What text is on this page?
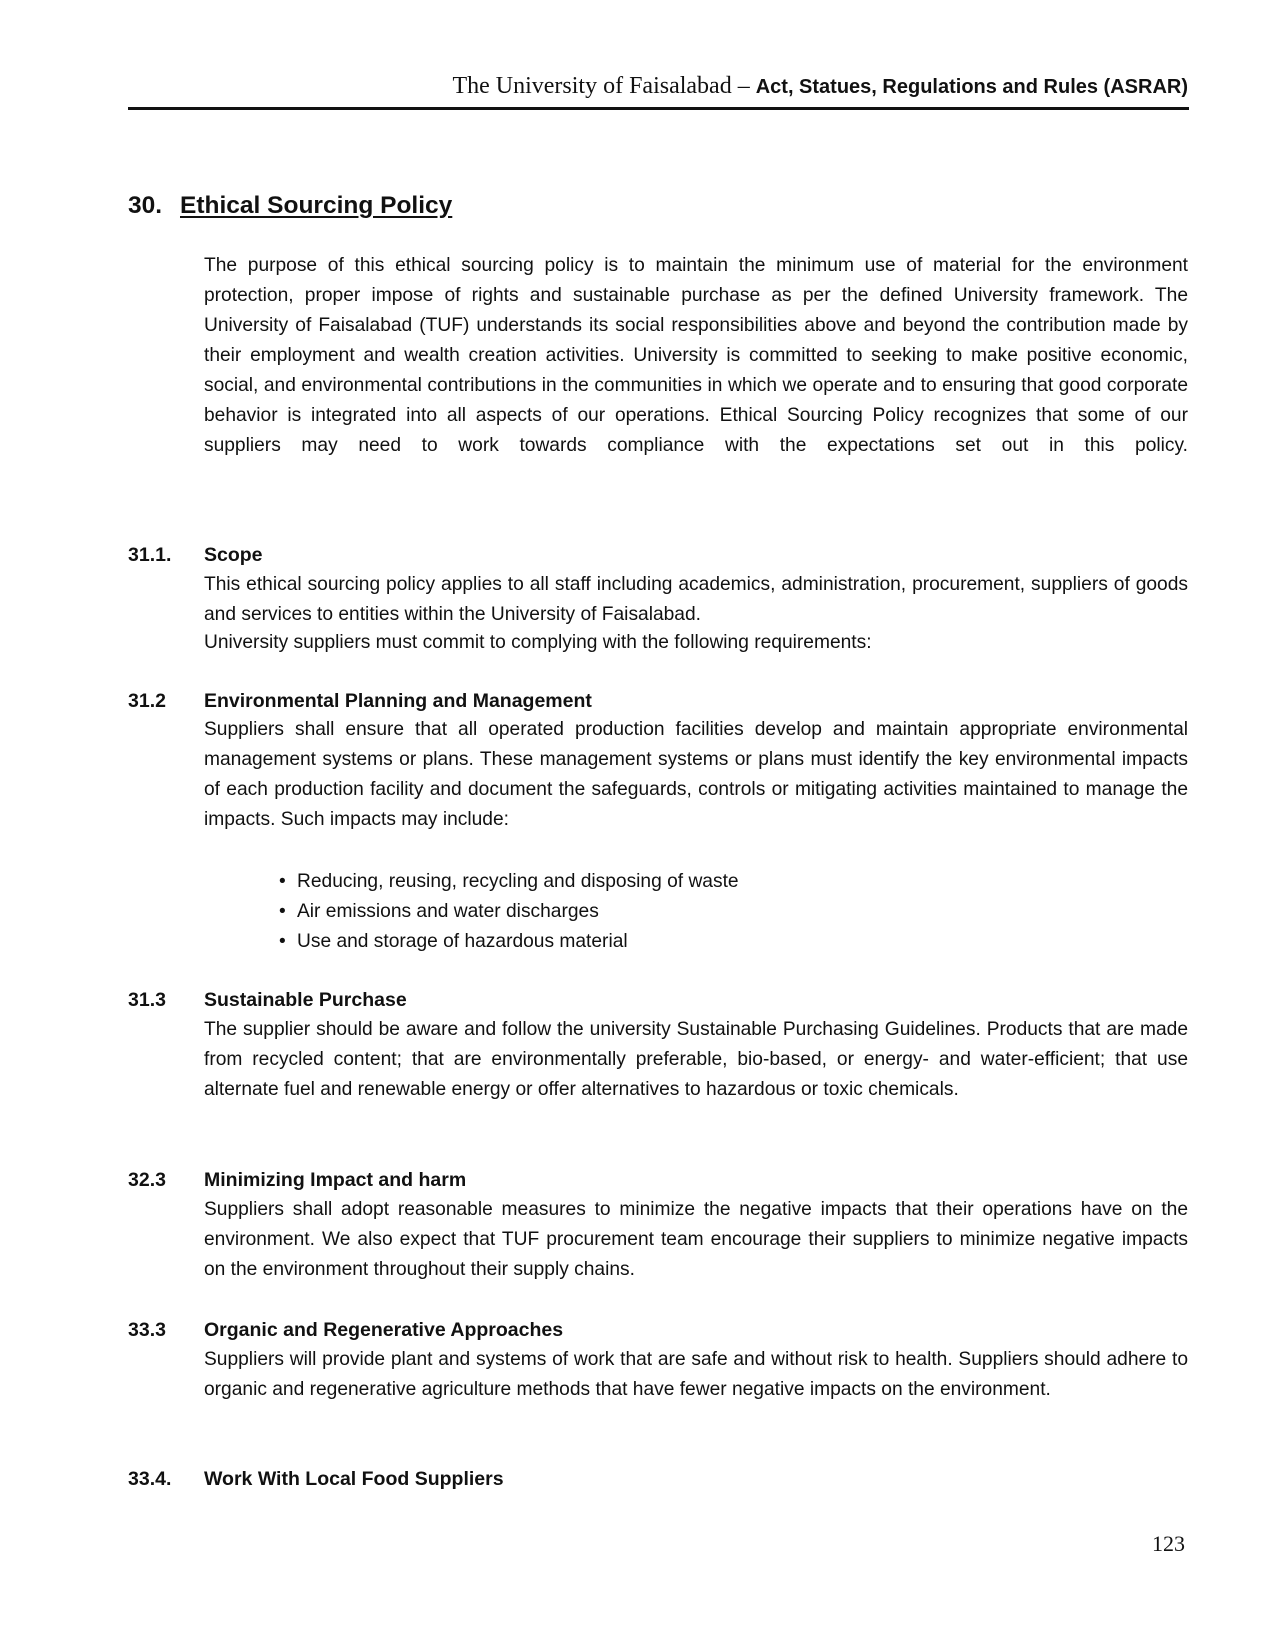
The University of Faisalabad – Act, Statues, Regulations and Rules (ASRAR)
30. Ethical Sourcing Policy

The purpose of this ethical sourcing policy is to maintain the minimum use of material for the environment protection, proper impose of rights and sustainable purchase as per the defined University framework. The University of Faisalabad (TUF) understands its social responsibilities above and beyond the contribution made by their employment and wealth creation activities. University is committed to seeking to make positive economic, social, and environmental contributions in the communities in which we operate and to ensuring that good corporate behavior is integrated into all aspects of our operations. Ethical Sourcing Policy recognizes that some of our suppliers may need to work towards compliance with the expectations set out in this policy.

31.1. Scope

This ethical sourcing policy applies to all staff including academics, administration, procurement, suppliers of goods and services to entities within the University of Faisalabad.

University suppliers must commit to complying with the following requirements:

31.2 Environmental Planning and Management

Suppliers shall ensure that all operated production facilities develop and maintain appropriate environmental management systems or plans. These management systems or plans must identify the key environmental impacts of each production facility and document the safeguards, controls or mitigating activities maintained to manage the impacts. Such impacts may include:

• Reducing, reusing, recycling and disposing of waste
• Air emissions and water discharges
• Use and storage of hazardous material
31.3 Sustainable Purchase

The supplier should be aware and follow the university Sustainable Purchasing Guidelines. Products that are made from recycled content; that are environmentally preferable, bio-based, or energy- and water-efficient; that use alternate fuel and renewable energy or offer alternatives to hazardous or toxic chemicals.

32.3 Minimizing Impact and harm

Suppliers shall adopt reasonable measures to minimize the negative impacts that their operations have on the environment. We also expect that TUF procurement team encourage their suppliers to minimize negative impacts on the environment throughout their supply chains.

33.3 Organic and Regenerative Approaches

Suppliers will provide plant and systems of work that are safe and without risk to health. Suppliers should adhere to organic and regenerative agriculture methods that have fewer negative impacts on the environment.

33.4. Work With Local Food Suppliers
123
